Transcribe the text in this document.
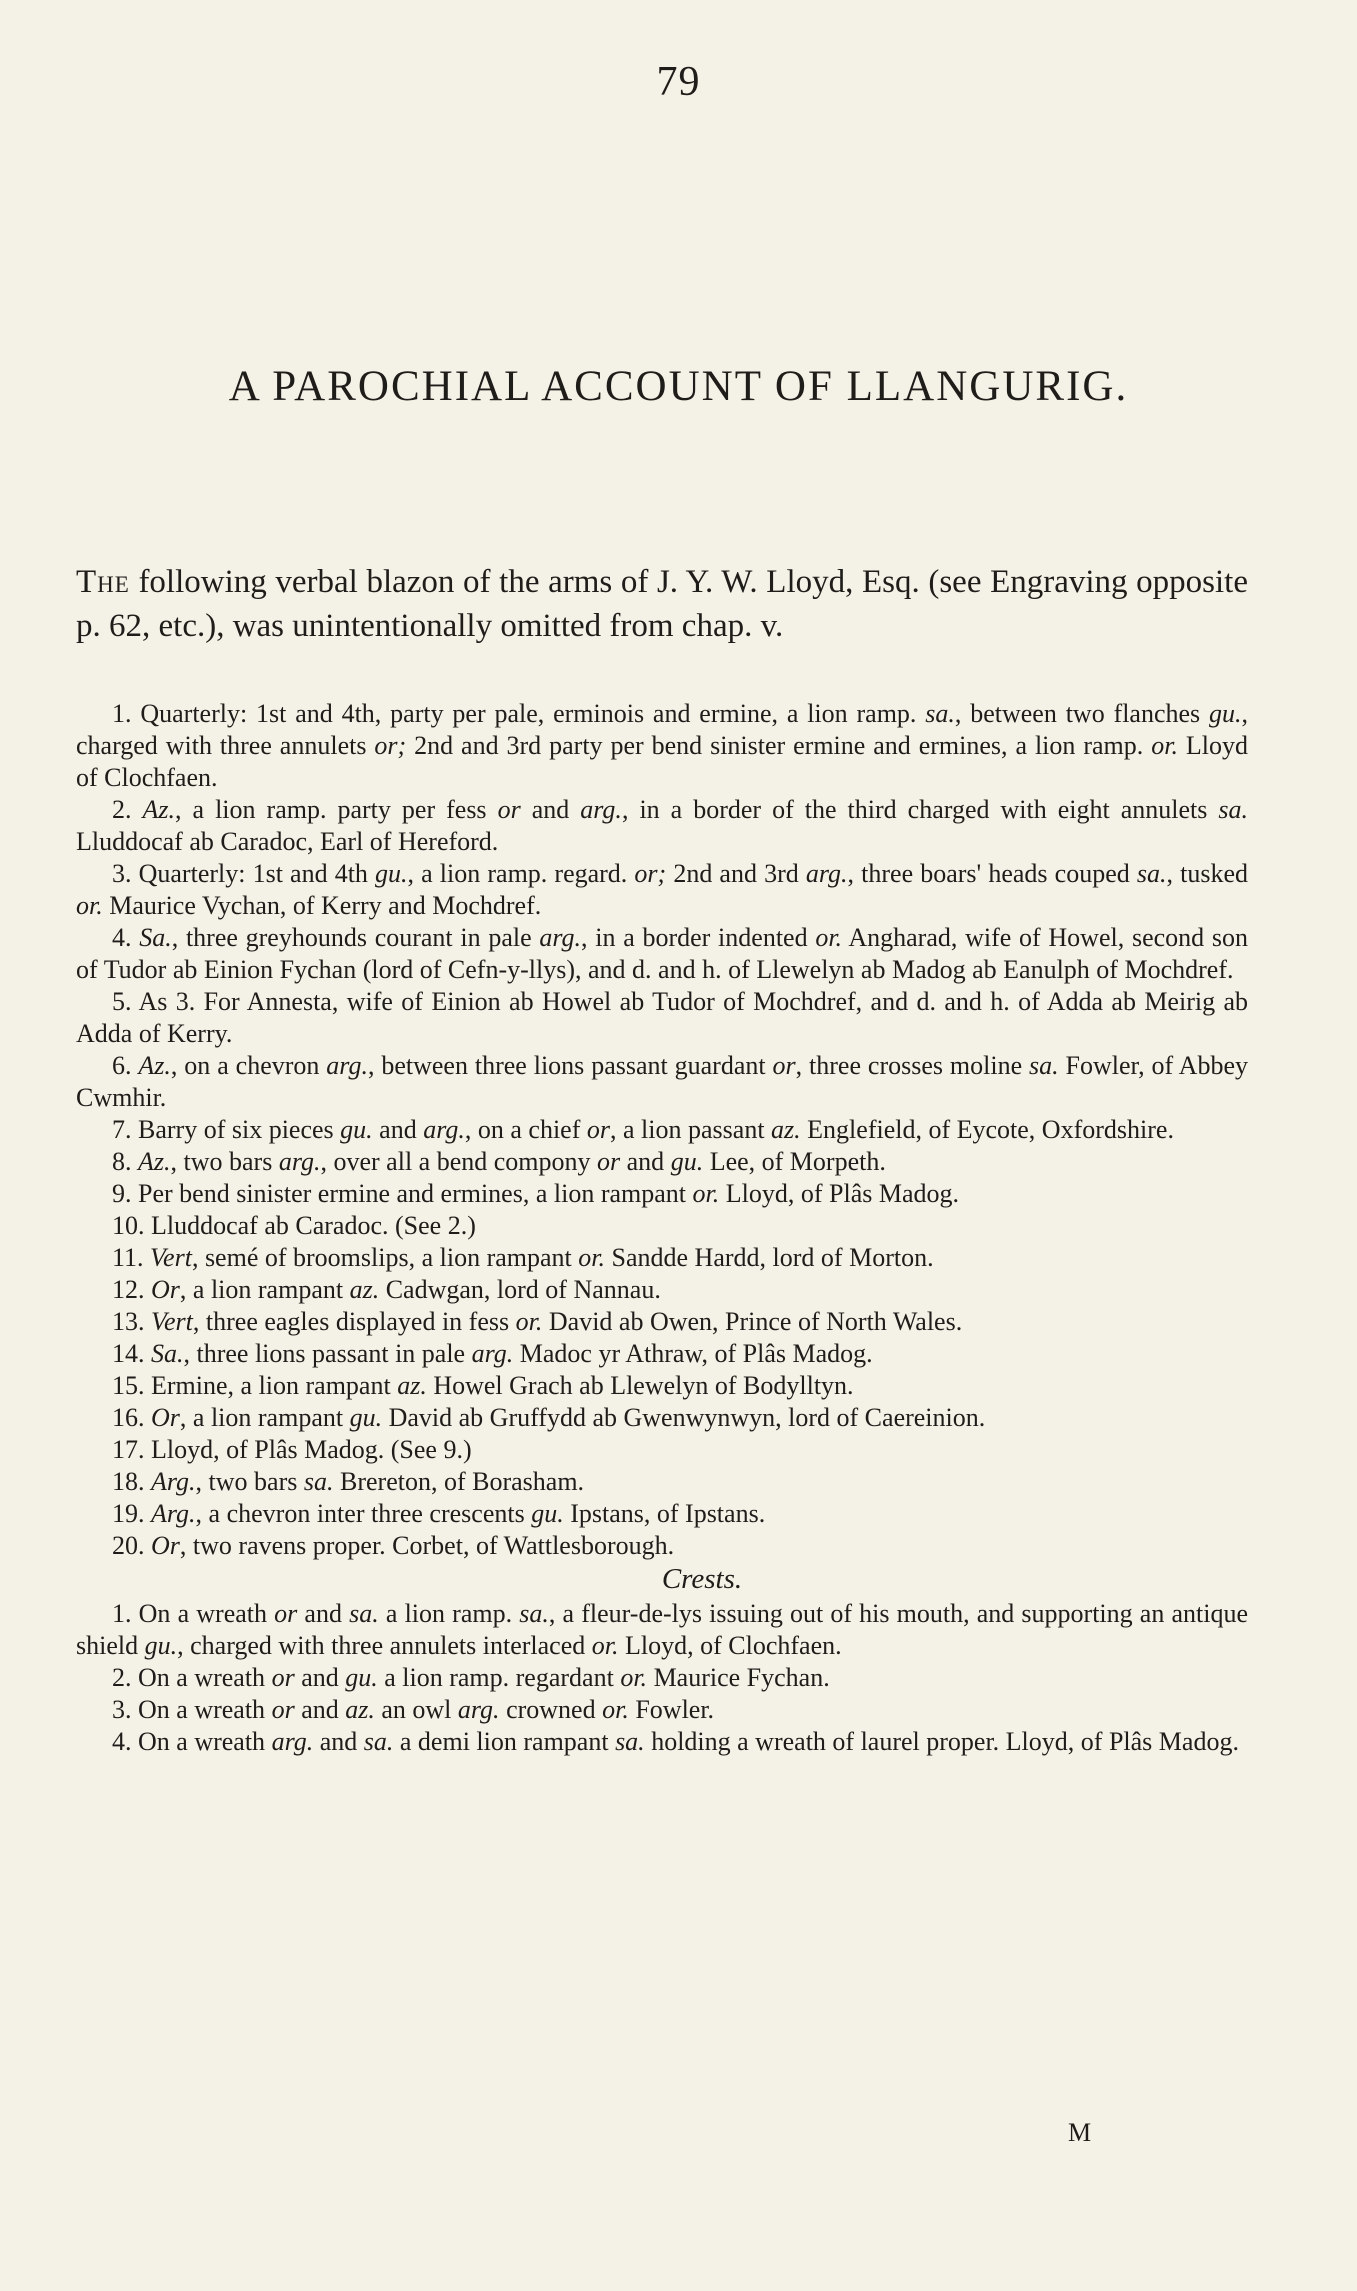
79
A PAROCHIAL ACCOUNT OF LLANGURIG.

The following verbal blazon of the arms of J. Y. W. Lloyd, Esq. (see Engraving opposite p. 62, etc.), was unintentionally omitted from chap. v.

1. Quarterly: 1st and 4th, party per pale, erminois and ermine, a lion ramp. sa., between two flanches gu., charged with three annulets or; 2nd and 3rd party per bend sinister ermine and ermines, a lion ramp. or. Lloyd of Clochfaen.

2. Az., a lion ramp. party per fess or and arg., in a border of the third charged with eight annulets sa. Lluddocaf ab Caradoc, Earl of Hereford.

3. Quarterly: 1st and 4th gu., a lion ramp. regard. or; 2nd and 3rd arg., three boars' heads couped sa., tusked or. Maurice Vychan, of Kerry and Mochdref.

4. Sa., three greyhounds courant in pale arg., in a border indented or. Angharad, wife of Howel, second son of Tudor ab Einion Fychan (lord of Cefn-y-llys), and d. and h. of Llewelyn ab Madog ab Eanulph of Mochdref.

5. As 3. For Annesta, wife of Einion ab Howel ab Tudor of Mochdref, and d. and h. of Adda ab Meirig ab Adda of Kerry.

6. Az., on a chevron arg., between three lions passant guardant or, three crosses moline sa. Fowler, of Abbey Cwmhir.

7. Barry of six pieces gu. and arg., on a chief or, a lion passant az. Englefield, of Eycote, Oxfordshire.

8. Az., two bars arg., over all a bend compony or and gu. Lee, of Morpeth.

9. Per bend sinister ermine and ermines, a lion rampant or. Lloyd, of Plâs Madog.

10. Lluddocaf ab Caradoc. (See 2.)

11. Vert, semé of broomslips, a lion rampant or. Sandde Hardd, lord of Morton.

12. Or, a lion rampant az. Cadwgan, lord of Nannau.

13. Vert, three eagles displayed in fess or. David ab Owen, Prince of North Wales.

14. Sa., three lions passant in pale arg. Madoc yr Athraw, of Plâs Madog.

15. Ermine, a lion rampant az. Howel Grach ab Llewelyn of Bodylltyn.

16. Or, a lion rampant gu. David ab Gruffydd ab Gwenwynwyn, lord of Caereinion.

17. Lloyd, of Plâs Madog. (See 9.)

18. Arg., two bars sa. Brereton, of Borasham.

19. Arg., a chevron inter three crescents gu. Ipstans, of Ipstans.

20. Or, two ravens proper. Corbet, of Wattlesborough.

Crests.

1. On a wreath or and sa. a lion ramp. sa., a fleur-de-lys issuing out of his mouth, and supporting an antique shield gu., charged with three annulets interlaced or. Lloyd, of Clochfaen.

2. On a wreath or and gu. a lion ramp. regardant or. Maurice Fychan.

3. On a wreath or and az. an owl arg. crowned or. Fowler.

4. On a wreath arg. and sa. a demi lion rampant sa. holding a wreath of laurel proper. Lloyd, of Plâs Madog.

M
